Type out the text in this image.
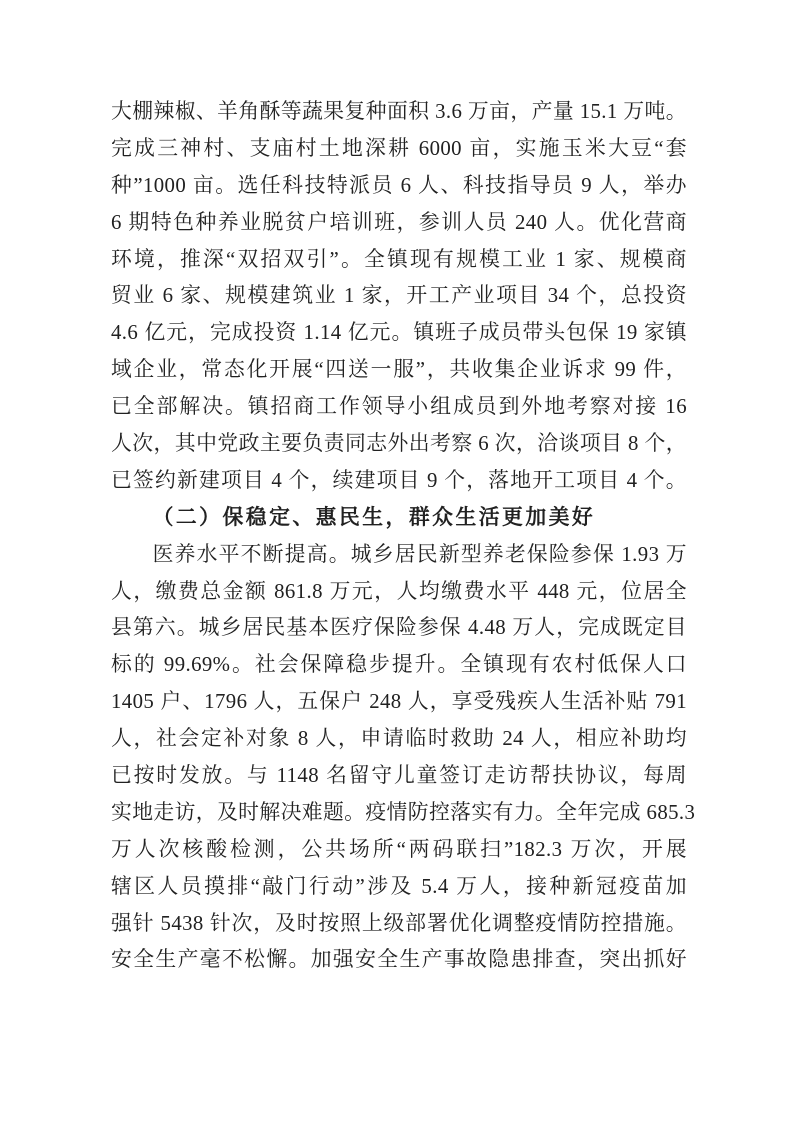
大棚辣椒、羊角酥等蔬果复种面积 3.6 万亩，产量 15.1 万吨。
完成三神村、支庙村土地深耕 6000 亩，实施玉米大豆“套
种”1000 亩。选任科技特派员 6 人、科技指导员 9 人，举办
6 期特色种养业脱贫户培训班，参训人员 240 人。优化营商
环境，推深“双招双引”。全镇现有规模工业 1 家、规模商
贸业 6 家、规模建筑业 1 家，开工产业项目 34 个，总投资
4.6 亿元，完成投资 1.14 亿元。镇班子成员带头包保 19 家镇
域企业，常态化开展“四送一服”，共收集企业诉求 99 件，
已全部解决。镇招商工作领导小组成员到外地考察对接 16
人次，其中党政主要负责同志外出考察 6 次，洽谈项目 8 个，
已签约新建项目 4 个，续建项目 9 个，落地开工项目 4 个。
（二）保稳定、惠民生，群众生活更加美好
医养水平不断提高。城乡居民新型养老保险参保 1.93 万
人，缴费总金额 861.8 万元，人均缴费水平 448 元，位居全
县第六。城乡居民基本医疗保险参保 4.48 万人，完成既定目
标的 99.69%。社会保障稳步提升。全镇现有农村低保人口
1405 户、1796 人，五保户 248 人，享受残疾人生活补贴 791
人，社会定补对象 8 人，申请临时救助 24 人，相应补助均
已按时发放。与 1148 名留守儿童签订走访帮扶协议，每周
实地走访，及时解决难题。疫情防控落实有力。全年完成 685.3
万人次核酸检测，公共场所“两码联扫”182.3 万次，开展
辖区人员摸排“敲门行动”涉及 5.4 万人，接种新冠疫苗加
强针 5438 针次，及时按照上级部署优化调整疫情防控措施。
安全生产毫不松懈。加强安全生产事故隐患排查，突出抓好
